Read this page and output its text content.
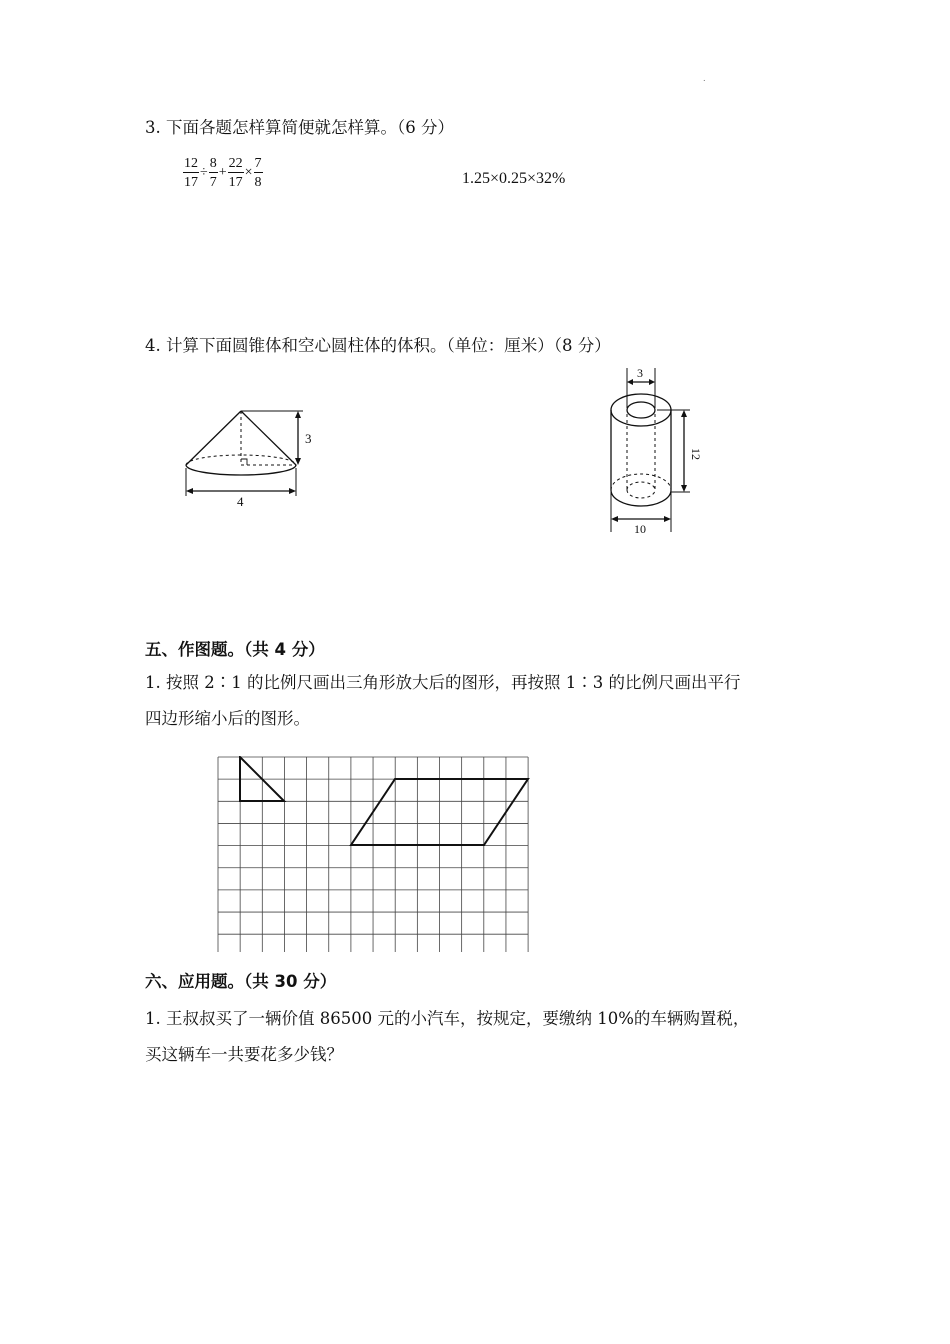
.
3. 下面各题怎样算简便就怎样算。（6 分）
$\frac{12}{17} \div \frac{8}{7} + \frac{22}{17} \times \frac{7}{8}$	1.25×0.25×32%
4. 计算下面圆锥体和空心圆柱体的体积。（单位：厘米）（8 分）
3
4
3
12
10
五、作图题。（共 4 分）
1. 按照 2∶1 的比例尺画出三角形放大后的图形，再按照 1∶3 的比例尺画出平行
四边形缩小后的图形。
六、应用题。（共 30 分）
1. 王叔叔买了一辆价值 86500 元的小汽车，按规定，要缴纳 10%的车辆购置税，
买这辆车一共要花多少钱？
